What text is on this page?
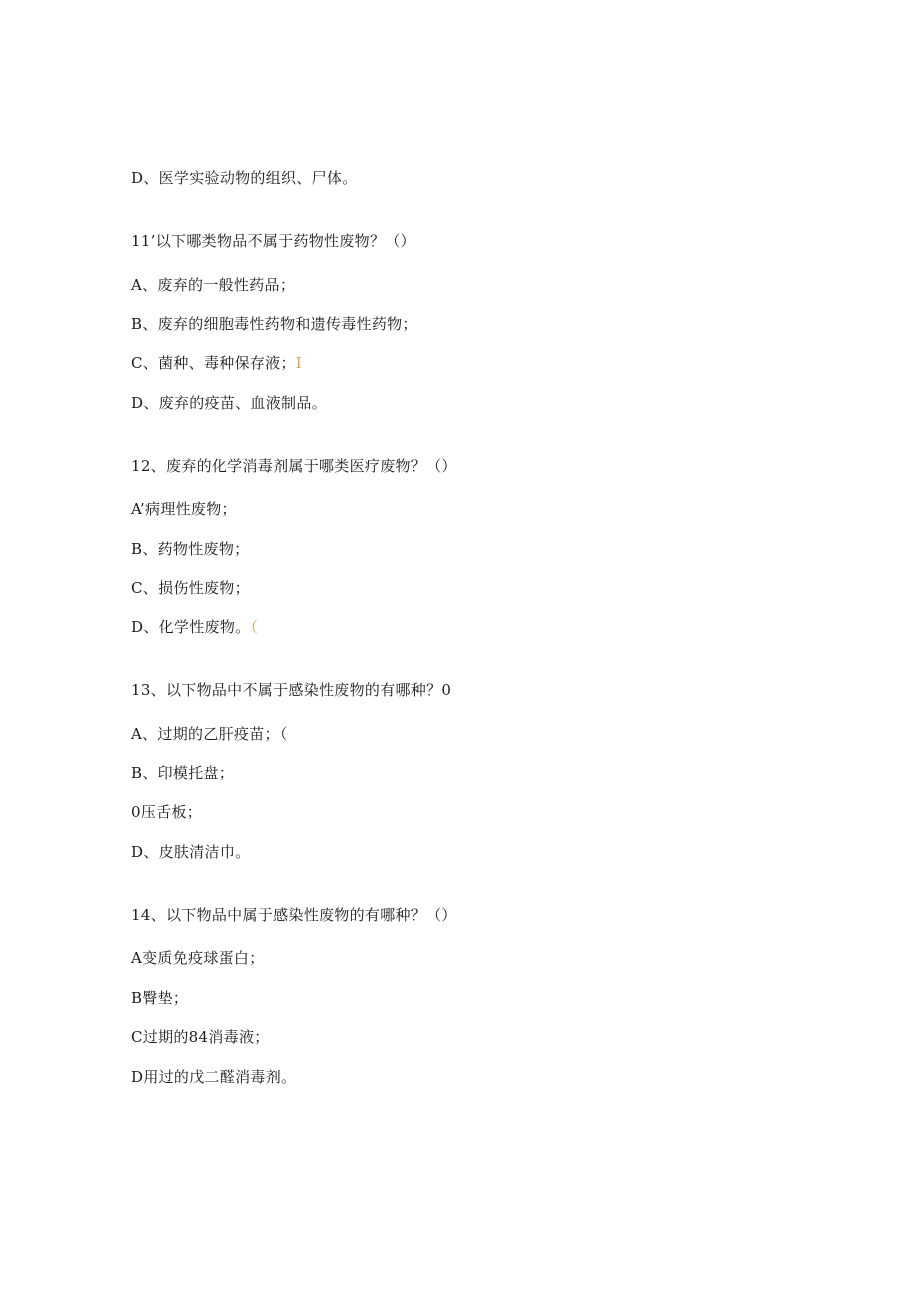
D、医学实验动物的组织、尸体。
11’以下哪类物品不属于药物性废物？（）
A、废弃的一般性药品；
B、废弃的细胞毒性药物和遗传毒性药物；
C、菌种、毒种保存液；I
D、废弃的疫苗、血液制品。
12、废弃的化学消毒剂属于哪类医疗废物？（）
A’病理性废物；
B、药物性废物；
C、损伤性废物；
D、化学性废物。（
13、以下物品中不属于感染性废物的有哪种？0
A、过期的乙肝疫苗；（
B、印模托盘；
0压舌板；
D、皮肤清洁巾。
14、以下物品中属于感染性废物的有哪种？（）
A变质免疫球蛋白；
B臀垫；
C过期的84消毒液；
D用过的戊二醛消毒剂。
